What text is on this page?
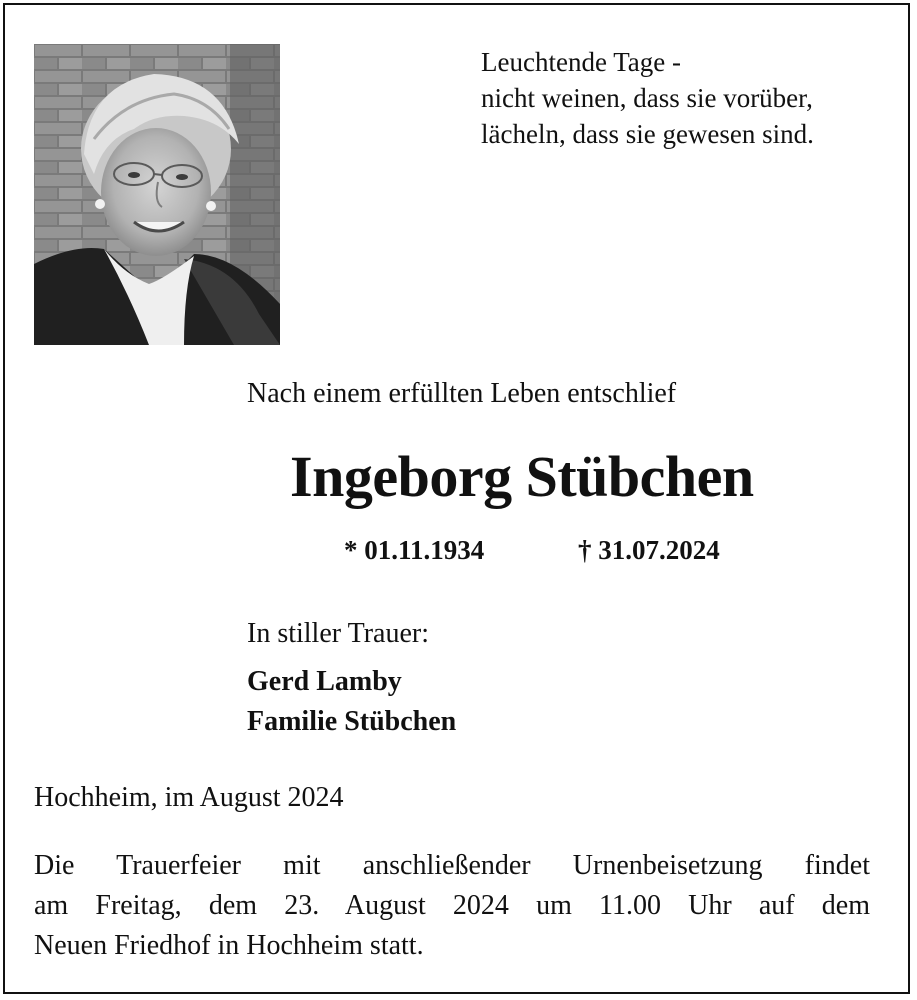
Leuchtende Tage -
nicht weinen, dass sie vorüber,
lächeln, dass sie gewesen sind.
Nach einem erfüllten Leben entschlief
Ingeborg Stübchen
* 01.11.1934	† 31.07.2024
In stiller Trauer:
Gerd Lamby
Familie Stübchen
Hochheim, im August 2024
Die Trauerfeier mit anschließender Urnenbeisetzung findet
am Freitag, dem 23. August 2024 um 11.00 Uhr auf dem
Neuen Friedhof in Hochheim statt.
